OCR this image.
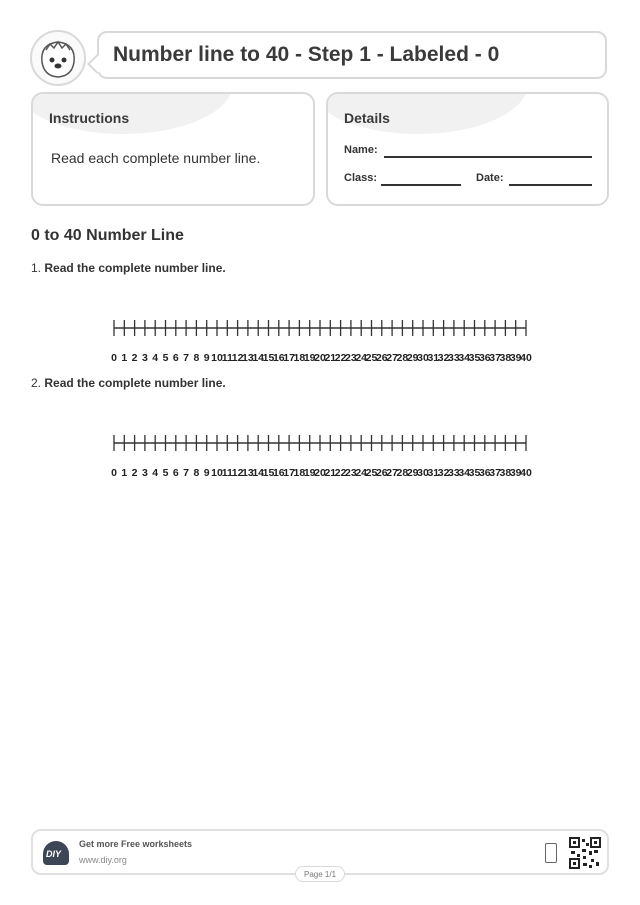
Number line to 40 - Step 1 - Labeled - 0
Instructions
Read each complete number line.
Details
Name:
Class:	Date:
0 to 40 Number Line
1. Read the complete number line.
0 1 2 3 4 5 6 7 8 9 10
11
12
13
14
15
16
17
18
19
20
21
22
23
24
25
26
27
28
29
30
31
32
33
34
35
36
37
38
39
40
2. Read the complete number line.
0 1 2 3 4 5 6 7 8 9 10
11
12
13
14
15
16
17
18
19
20
21
22
23
24
25
26
27
28
29
30
31
32
33
34
35
36
37
38
39
40
DIY
Get more Free worksheets
www.diy.org
Page 1/1
